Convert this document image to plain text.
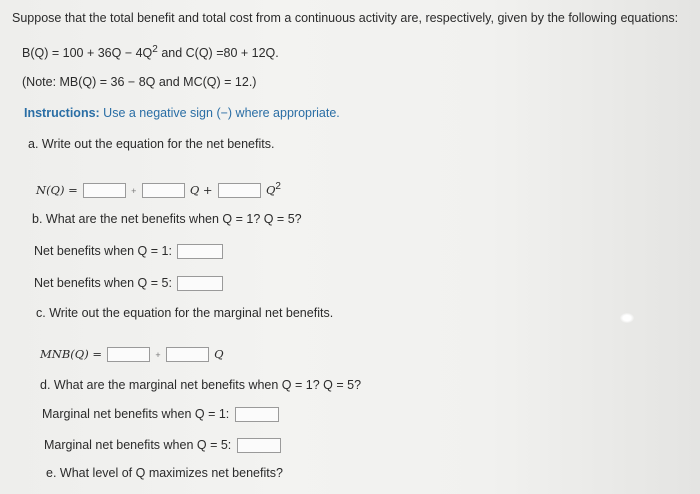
Suppose that the total benefit and total cost from a continuous activity are, respectively, given by the following equations:
$B(Q) = 100 + 36Q - 4Q^2$ and C(Q) =80 + 12Q.
(Note: MB(Q) = 36 − 8Q and MC(Q) = 12.)
Instructions: Use a negative sign (−) where appropriate.
a. Write out the equation for the net benefits.
N(Q) =	+	Q +	$Q^2$
b. What are the net benefits when Q = 1? Q = 5?
Net benefits when Q = 1:
Net benefits when Q = 5:
c. Write out the equation for the marginal net benefits.
MNB(Q) =	+	Q
d. What are the marginal net benefits when Q = 1? Q = 5?
Marginal net benefits when Q = 1:
Marginal net benefits when Q = 5:
e. What level of Q maximizes net benefits?
